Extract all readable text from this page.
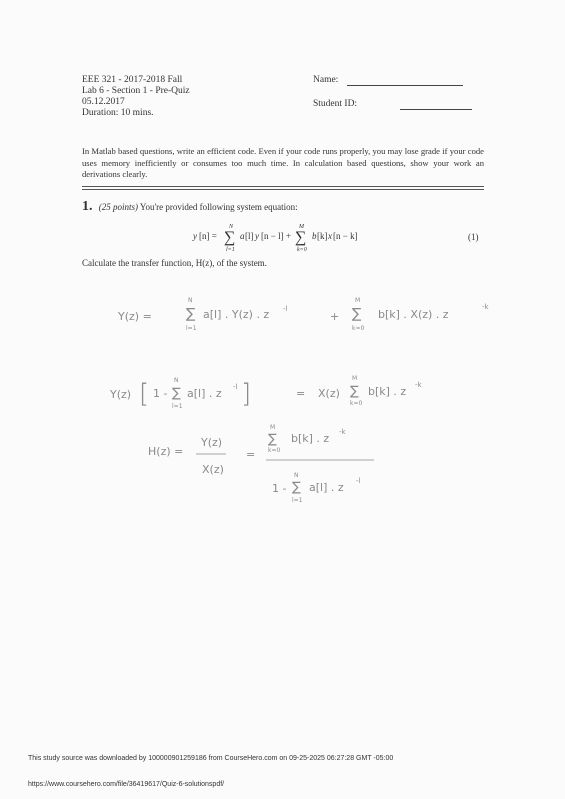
EEE 321 - 2017-2018 Fall
Lab 6 - Section 1 - Pre-Quiz
05.12.2017
Duration: 10 mins.
Name:
Student ID:
In Matlab based questions, write an efficient code. Even if your code runs properly, you may lose grade if your code uses memory inefficiently or consumes too much time. In calculation based questions, show your work an derivations clearly.
1. (25 points) You're provided following system equation:
y [n] = ∑
N
l=1
a [l] y [n − l] + ∑
M
k=0
b [k] x [n − k]	(1)
Calculate the transfer function, H(z), of the system.
Y(z) = ∑
N
l=1
a[l] . Y(z) . z -l
+ ∑
M
k=0
b[k] . X(z) . z
-k
Y(z) [ 1 - ∑
N
l=1
a[l] . z -l ]	= X(z) ∑
M
k=0
b[k] . z -k
H(z) =
Y(z)
X(z)
=
∑
M
k=0
b[k] . z -k
1 - ∑
N
l=1
a[l] . z -l
This study source was downloaded by 100000901259186 from CourseHero.com on 09-25-2025 06:27:28 GMT -05:00
https://www.coursehero.com/file/36419617/Quiz-6-solutionspdf/
